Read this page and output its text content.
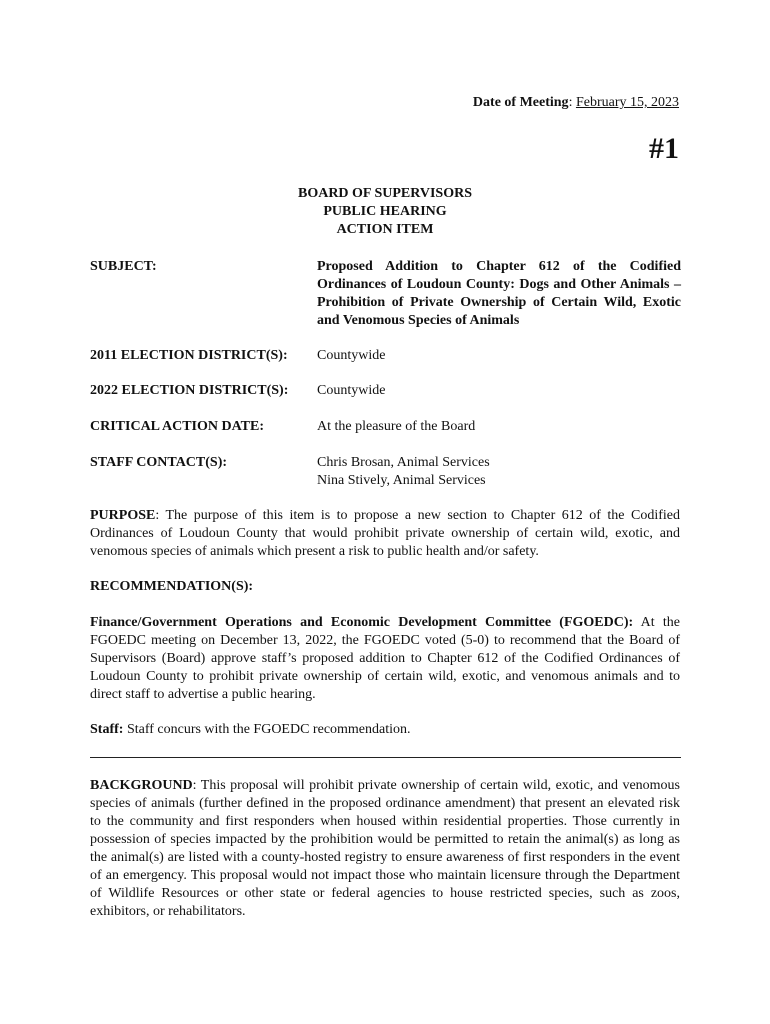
Date of Meeting: February 15, 2023
#1
BOARD OF SUPERVISORS
PUBLIC HEARING
ACTION ITEM
SUBJECT:	Proposed Addition to Chapter 612 of the Codified Ordinances of Loudoun County: Dogs and Other Animals – Prohibition of Private Ownership of Certain Wild, Exotic and Venomous Species of Animals
2011 ELECTION DISTRICT(S): Countywide
2022 ELECTION DISTRICT(S): Countywide
CRITICAL ACTION DATE:	At the pleasure of the Board
STAFF CONTACT(S):	Chris Brosan, Animal Services
Nina Stively, Animal Services
PURPOSE: The purpose of this item is to propose a new section to Chapter 612 of the Codified Ordinances of Loudoun County that would prohibit private ownership of certain wild, exotic, and venomous species of animals which present a risk to public health and/or safety.
RECOMMENDATION(S):
Finance/Government Operations and Economic Development Committee (FGOEDC): At the FGOEDC meeting on December 13, 2022, the FGOEDC voted (5-0) to recommend that the Board of Supervisors (Board) approve staff’s proposed addition to Chapter 612 of the Codified Ordinances of Loudoun County to prohibit private ownership of certain wild, exotic, and venomous animals and to direct staff to advertise a public hearing.
Staff: Staff concurs with the FGOEDC recommendation.
BACKGROUND: This proposal will prohibit private ownership of certain wild, exotic, and venomous species of animals (further defined in the proposed ordinance amendment) that present an elevated risk to the community and first responders when housed within residential properties. Those currently in possession of species impacted by the prohibition would be permitted to retain the animal(s) as long as the animal(s) are listed with a county-hosted registry to ensure awareness of first responders in the event of an emergency. This proposal would not impact those who maintain licensure through the Department of Wildlife Resources or other state or federal agencies to house restricted species, such as zoos, exhibitors, or rehabilitators.
